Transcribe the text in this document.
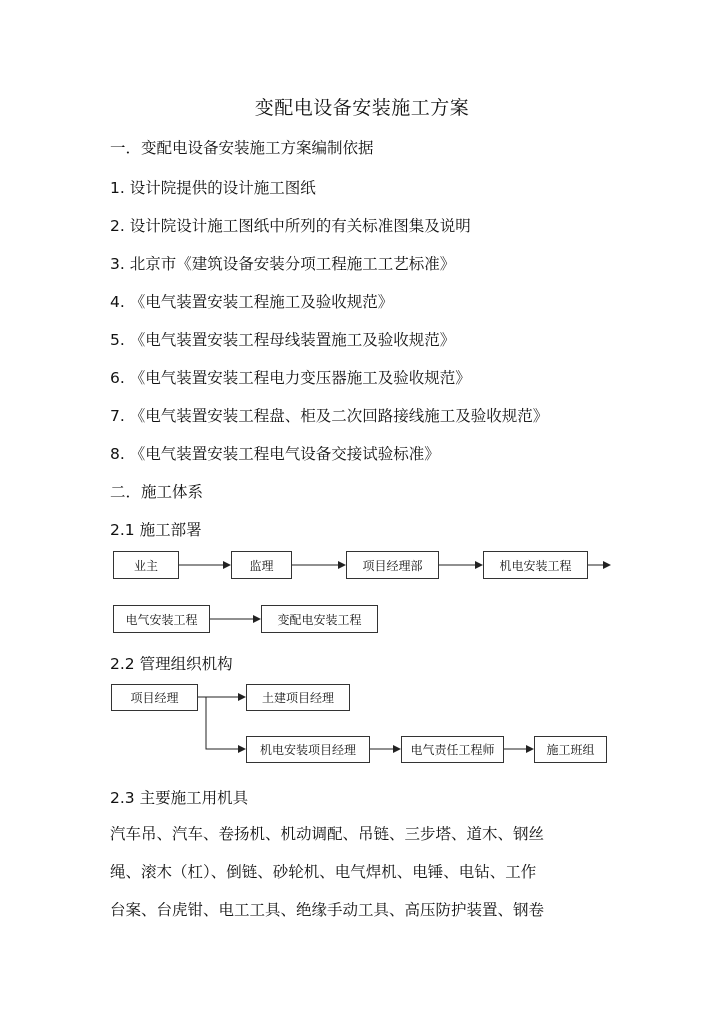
变配电设备安装施工方案
一．变配电设备安装施工方案编制依据
1. 设计院提供的设计施工图纸
2. 设计院设计施工图纸中所列的有关标准图集及说明
3. 北京市《建筑设备安装分项工程施工工艺标准》
4. 《电气装置安装工程施工及验收规范》
5. 《电气装置安装工程母线装置施工及验收规范》
6. 《电气装置安装工程电力变压器施工及验收规范》
7. 《电气装置安装工程盘、柜及二次回路接线施工及验收规范》
8. 《电气装置安装工程电气设备交接试验标准》
二．施工体系
2.1 施工部署
业主	监理	项目经理部	机电安装工程
电气安装工程	变配电安装工程
2.2 管理组织机构
项目经理	土建项目经理
机电安装项目经理	电气责任工程师	施工班组
2.3 主要施工用机具
汽车吊、汽车、卷扬机、机动调配、吊链、三步塔、道木、钢丝
绳、滚木（杠）、倒链、砂轮机、电气焊机、电锤、电钻、工作
台案、台虎钳、电工工具、绝缘手动工具、高压防护装置、钢卷
